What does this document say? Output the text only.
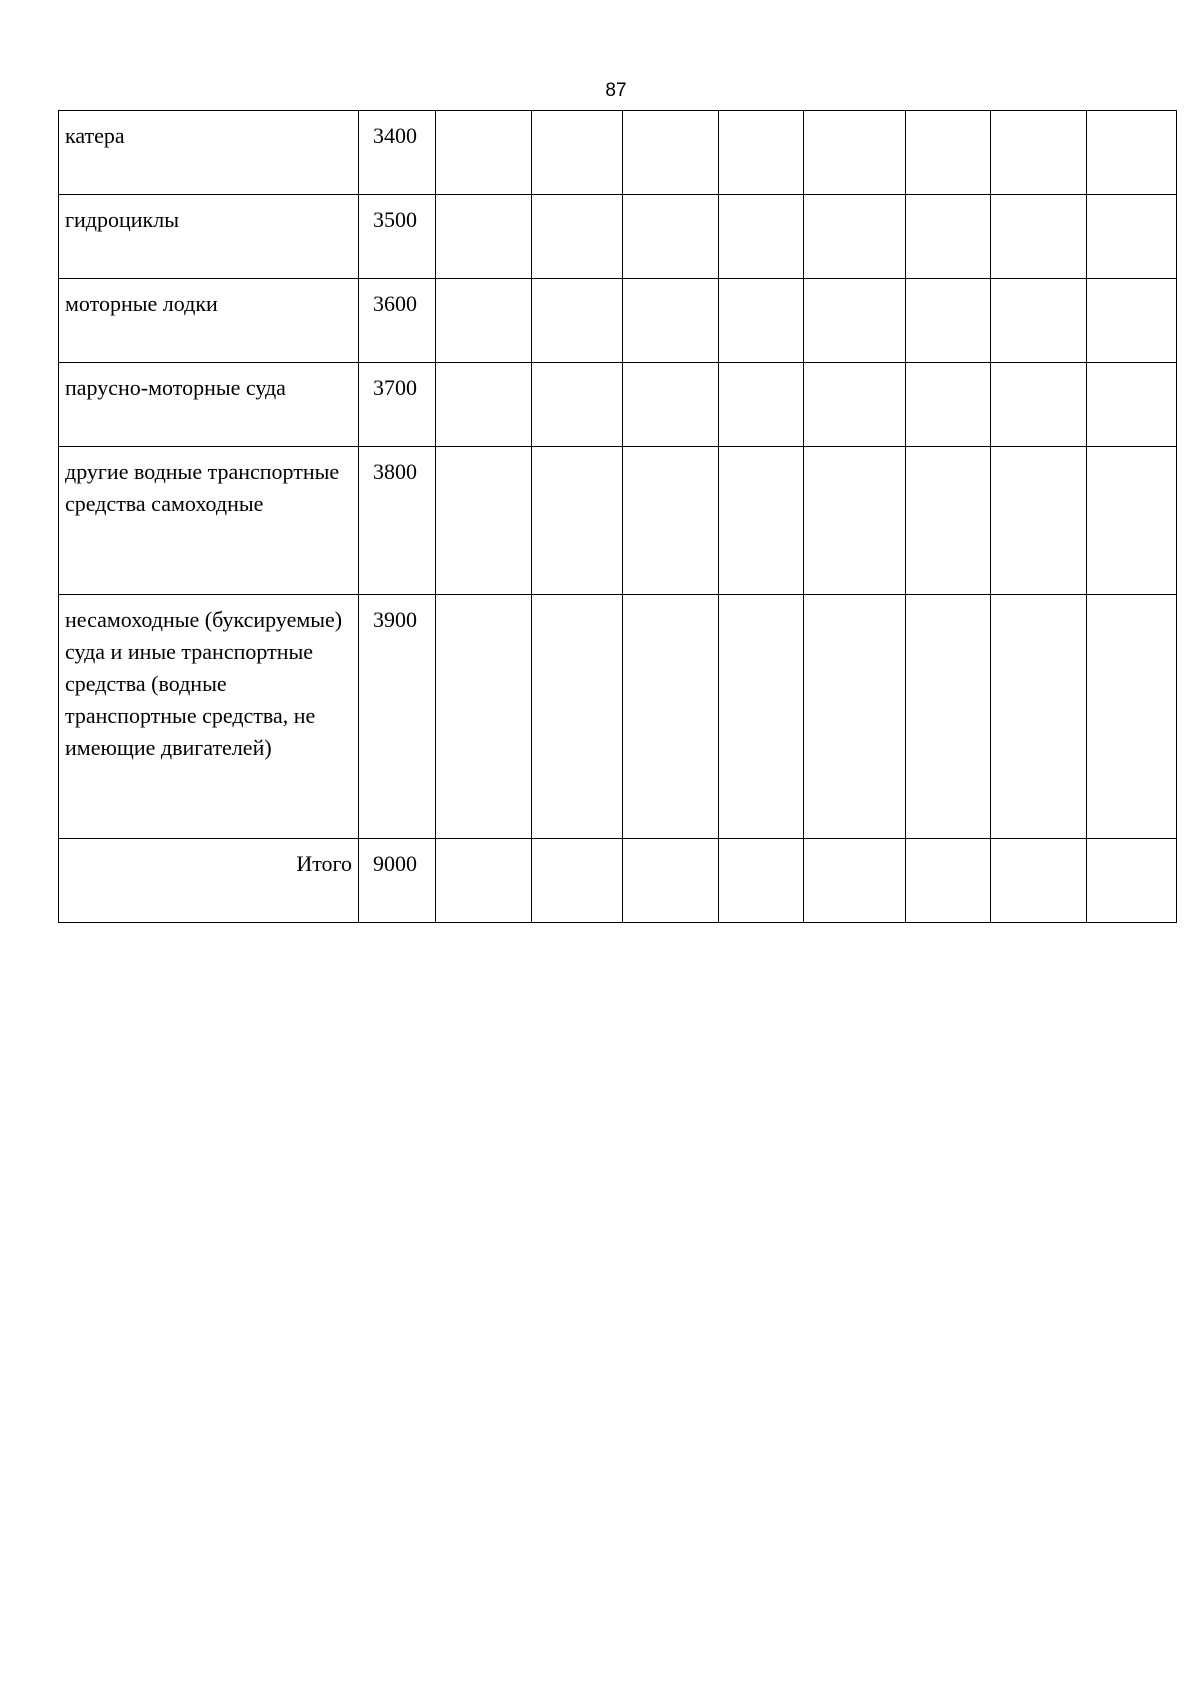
87
катера	3400								
гидроциклы	3500								
моторные лодки	3600								
парусно-моторные суда	3700								
другие водные транспортные средства самоходные	3800								
несамоходные (буксируемые) суда и иные транспортные средства (водные транспортные средства, не имеющие двигателей)	3900								
Итого	9000								
